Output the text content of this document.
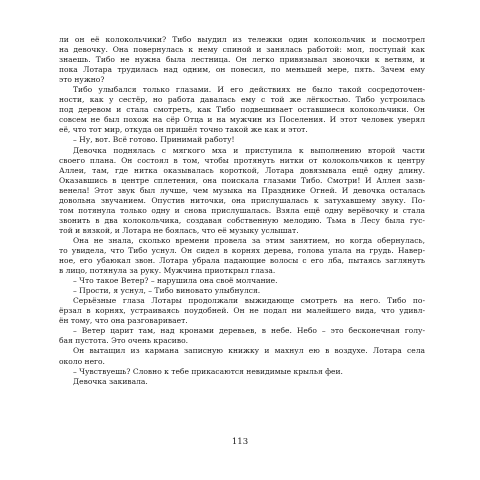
ли он её колокольчики? Тибо выудил из тележки один колокольчик и посмотрел
на девочку. Она повернулась к нему спиной и занялась работой: мол, поступай как
знаешь. Тибо не нужна была лестница. Он легко привязывал звоночки к ветвям, и
пока Лотара трудилась над одним, он повесил, по меньшей мере, пять. Зачем ему
это нужно?
Тибо улыбался только глазами. И его действиях не было такой сосредоточен-
ности, как у сестёр, но работа давалась ему с той же лёгкостью. Тибо устроилась
под деревом и стала смотреть, как Тибо подвешивает оставшиеся колокольчики. Он
совсем не был похож на сёр Отца и на мужчин из Поселения. И этот человек уверял
её, что тот мир, откуда он пришёл точно такой же как и этот.
– Ну, вот. Всё готово. Принимай работу!
Девочка поднялась с мягкого мха и приступила к выполнению второй части
своего плана. Он состоял в том, чтобы протянуть нитки от колокольчиков к центру
Аллеи, там, где нитка оказывалась короткой, Лотара довязывала ещё одну длину.
Оказавшись в центре сплетения, она поискала глазами Тибо. Смотри! И Аллея зазв-
венела! Этот звук был лучше, чем музыка на Празднике Огней. И девочка осталась
довольна звучанием. Опустив ниточки, она прислушалась к затухавшему звуку. По-
том потянула только одну и снова прислушалась. Взяла ещё одну верёвочку и стала
звонить в два колокольчика, создавая собственную мелодию. Тьма в Лесу была гус-
той и вязкой, и Лотара не боялась, что её музыку услышат.
Она не знала, сколько времени провела за этим занятием, но когда обернулась,
то увидела, что Тибо уснул. Он сидел в корнях дерева, голова упала на грудь. Навер-
ное, его убаюкал звон. Лотара убрала падающие волосы с его лба, пытаясь заглянуть
в лицо, потянула за руку. Мужчина приоткрыл глаза.
– Что такое Ветер? – нарушила она своё молчание.
– Прости, я уснул, – Тибо виновато улыбнулся.
Серьёзные глаза Лотары продолжали выжидающе смотреть на него. Тибо по-
ёрзал в корнях, устраиваясь поудобней. Он не подал ни малейшего вида, что удивл-
ён тому, что она разговаривает.
– Ветер царит там, над кронами деревьев, в небе. Небо – это бесконечная голу-
бая пустота. Это очень красиво.
Он вытащил из кармана записную книжку и махнул ею в воздухе. Лотара села
около него.
– Чувствуешь? Словно к тебе прикасаются невидимые крылья феи.
Девочка закивала.
113
